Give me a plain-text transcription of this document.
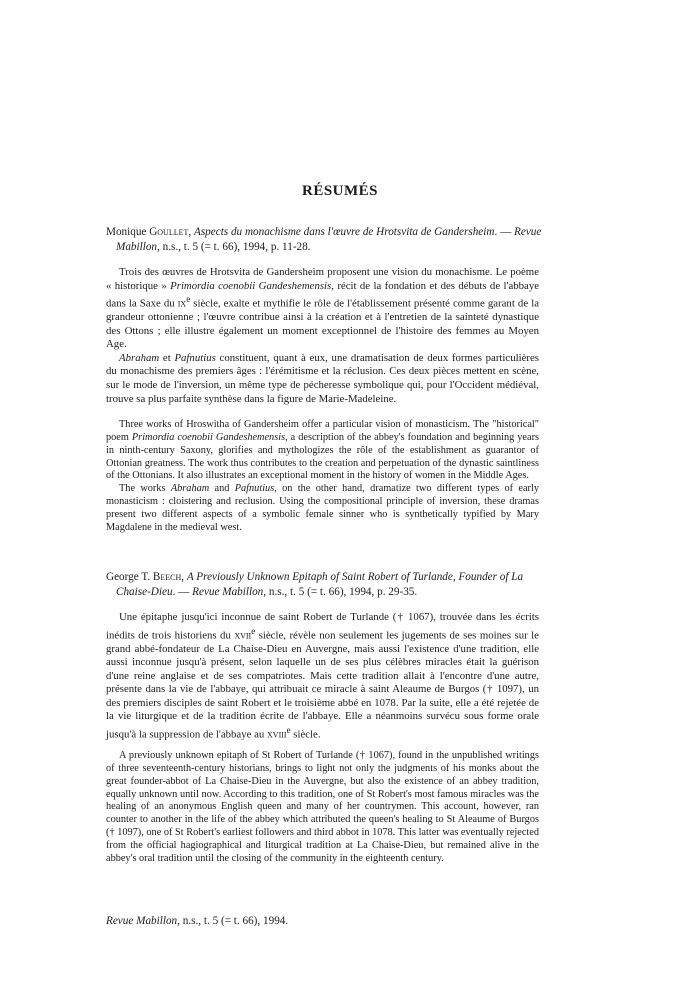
RÉSUMÉS
Monique Goullet, Aspects du monachisme dans l'œuvre de Hrotsvita de Gandersheim. — Revue Mabillon, n.s., t. 5 (= t. 66), 1994, p. 11-28.

Trois des œuvres de Hrotsvita de Gandersheim proposent une vision du monachisme. Le poème « historique » Primordia coenobii Gandeshemensis, récit de la fondation et des débuts de l'abbaye dans la Saxe du $ix^e$ siècle, exalte et mythifie le rôle de l'établissement présenté comme garant de la grandeur ottonienne ; l'œuvre contribue ainsi à la création et à l'entretien de la sainteté dynastique des Ottons ; elle illustre également un moment exceptionnel de l'histoire des femmes au Moyen Age.

Abraham et Pafnutius constituent, quant à eux, une dramatisation de deux formes particulières du monachisme des premiers âges : l'érémitisme et la réclusion. Ces deux pièces mettent en scène, sur le mode de l'inversion, un même type de pécheresse symbolique qui, pour l'Occident médiéval, trouve sa plus parfaite synthèse dans la figure de Marie-Madeleine.

Three works of Hroswitha of Gandersheim offer a particular vision of monasticism. The "historical" poem Primordia coenobii Gandeshemensis, a description of the abbey's foundation and beginning years in ninth-century Saxony, glorifies and mythologizes the rôle of the establishment as guarantor of Ottonian greatness. The work thus contributes to the creation and perpetuation of the dynastic saintliness of the Ottonians. It also illustrates an exceptional moment in the history of women in the Middle Ages.

The works Abraham and Pafnutius, on the other hand, dramatize two different types of early monasticism : cloistering and reclusion. Using the compositional principle of inversion, these dramas present two different aspects of a symbolic female sinner who is synthetically typified by Mary Magdalene in the medieval west.

George T. Beech, A Previously Unknown Epitaph of Saint Robert of Turlande, Founder of La Chaise-Dieu. — Revue Mabillon, n.s., t. 5 (= t. 66), 1994, p. 29-35.

Une épitaphe jusqu'ici inconnue de saint Robert de Turlande († 1067), trouvée dans les écrits inédits de trois historiens du xvii$^e$ siècle, révèle non seulement les jugements de ses moines sur le grand abbé-fondateur de La Chaise-Dieu en Auvergne, mais aussi l'existence d'une tradition, elle aussi inconnue jusqu'à présent, selon laquelle un de ses plus célèbres miracles était la guérison d'une reine anglaise et de ses compatriotes. Mais cette tradition allait à l'encontre d'une autre, présente dans la vie de l'abbaye, qui attribuait ce miracle à saint Aleaume de Burgos († 1097), un des premiers disciples de saint Robert et le troisième abbé en 1078. Par la suite, elle a été rejetée de la vie liturgique et de la tradition écrite de l'abbaye. Elle a néanmoins survécu sous forme orale jusqu'à la suppression de l'abbaye au xviii$^e$ siècle.

A previously unknown epitaph of St Robert of Turlande († 1067), found in the unpublished writings of three seventeenth-century historians, brings to light not only the judgments of his monks about the great founder-abbot of La Chaise-Dieu in the Auvergne, but also the existence of an abbey tradition, equally unknown until now. According to this tradition, one of St Robert's most famous miracles was the healing of an anonymous English queen and many of her countrymen. This account, however, ran counter to another in the life of the abbey which attributed the queen's healing to St Aleaume of Burgos († 1097), one of St Robert's earliest followers and third abbot in 1078. This latter was eventually rejected from the official hagiographical and liturgical tradition at La Chaise-Dieu, but remained alive in the abbey's oral tradition until the closing of the community in the eighteenth century.

Revue Mabillon, n.s., t. 5 (= t. 66), 1994.
